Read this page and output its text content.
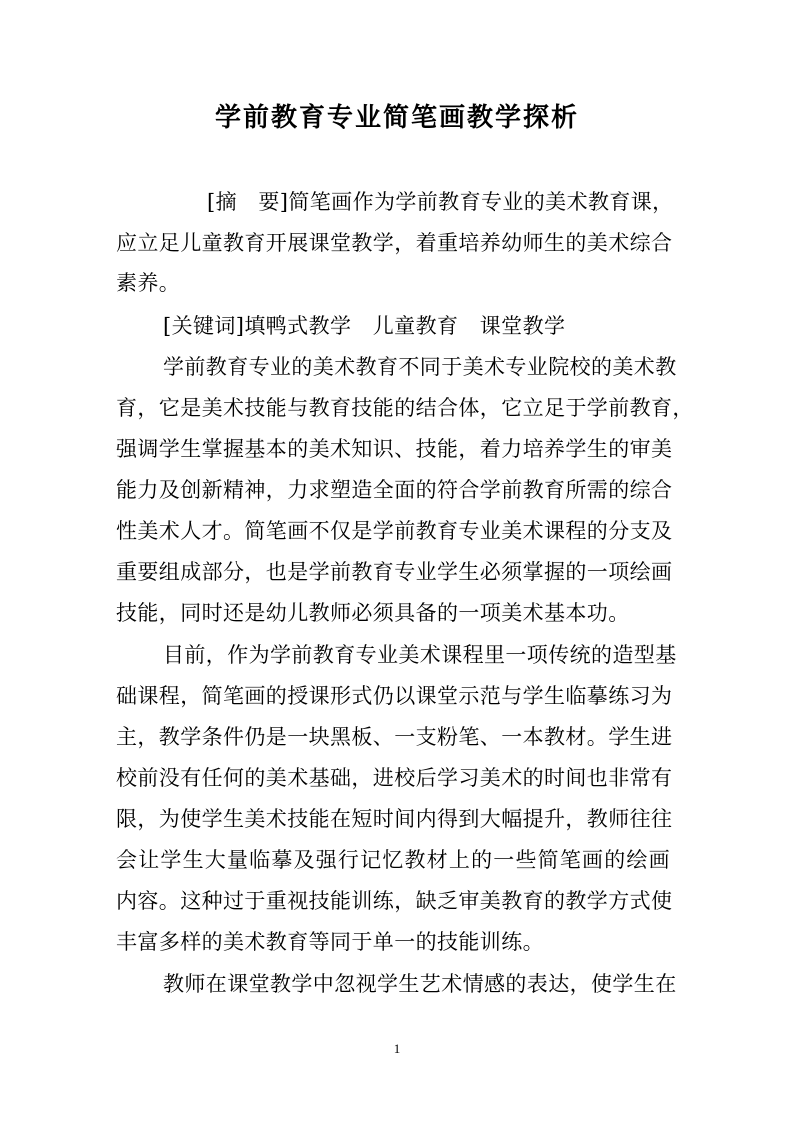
学前教育专业简笔画教学探析
[摘　要]简笔画作为学前教育专业的美术教育课，
应立足儿童教育开展课堂教学，着重培养幼师生的美术综合
素养。
[关键词]填鸭式教学　儿童教育　课堂教学
学前教育专业的美术教育不同于美术专业院校的美术教
育，它是美术技能与教育技能的结合体，它立足于学前教育，
强调学生掌握基本的美术知识、技能，着力培养学生的审美
能力及创新精神，力求塑造全面的符合学前教育所需的综合
性美术人才。简笔画不仅是学前教育专业美术课程的分支及
重要组成部分，也是学前教育专业学生必须掌握的一项绘画
技能，同时还是幼儿教师必须具备的一项美术基本功。
目前，作为学前教育专业美术课程里一项传统的造型基
础课程，简笔画的授课形式仍以课堂示范与学生临摹练习为
主，教学条件仍是一块黑板、一支粉笔、一本教材。学生进
校前没有任何的美术基础，进校后学习美术的时间也非常有
限，为使学生美术技能在短时间内得到大幅提升，教师往往
会让学生大量临摹及强行记忆教材上的一些简笔画的绘画
内容。这种过于重视技能训练，缺乏审美教育的教学方式使
丰富多样的美术教育等同于单一的技能训练。
教师在课堂教学中忽视学生艺术情感的表达，使学生在
1
